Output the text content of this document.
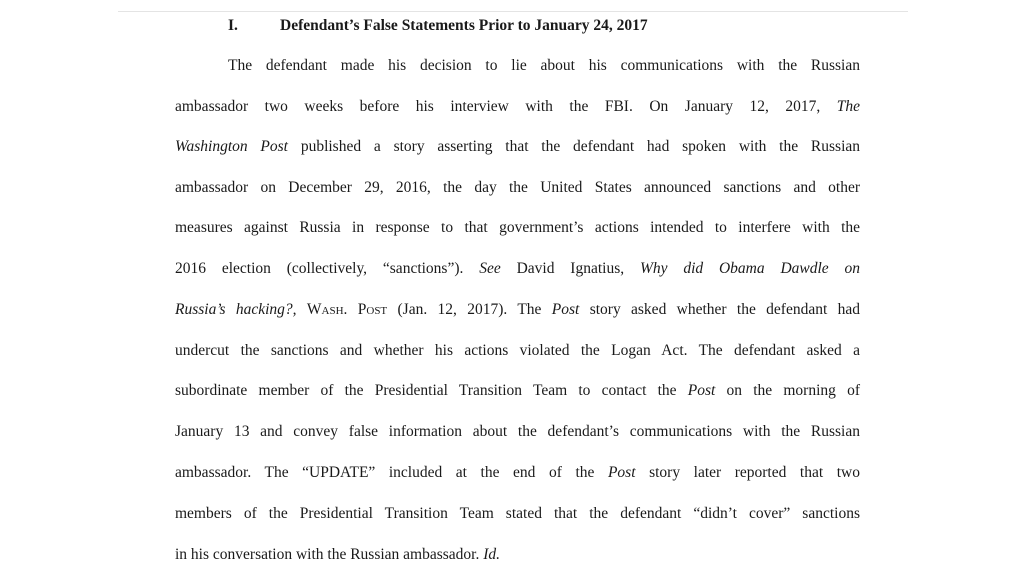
I.	Defendant’s False Statements Prior to January 24, 2017
The defendant made his decision to lie about his communications with the Russian
ambassador two weeks before his interview with the FBI. On January 12, 2017, The
Washington Post published a story asserting that the defendant had spoken with the Russian
ambassador on December 29, 2016, the day the United States announced sanctions and other
measures against Russia in response to that government’s actions intended to interfere with the
2016 election (collectively, “sanctions”). See David Ignatius, Why did Obama Dawdle on
Russia’s hacking?, Wash. Post (Jan. 12, 2017). The Post story asked whether the defendant had
undercut the sanctions and whether his actions violated the Logan Act. The defendant asked a
subordinate member of the Presidential Transition Team to contact the Post on the morning of
January 13 and convey false information about the defendant’s communications with the Russian
ambassador. The “UPDATE” included at the end of the Post story later reported that two
members of the Presidential Transition Team stated that the defendant “didn’t cover” sanctions
in his conversation with the Russian ambassador. Id.
